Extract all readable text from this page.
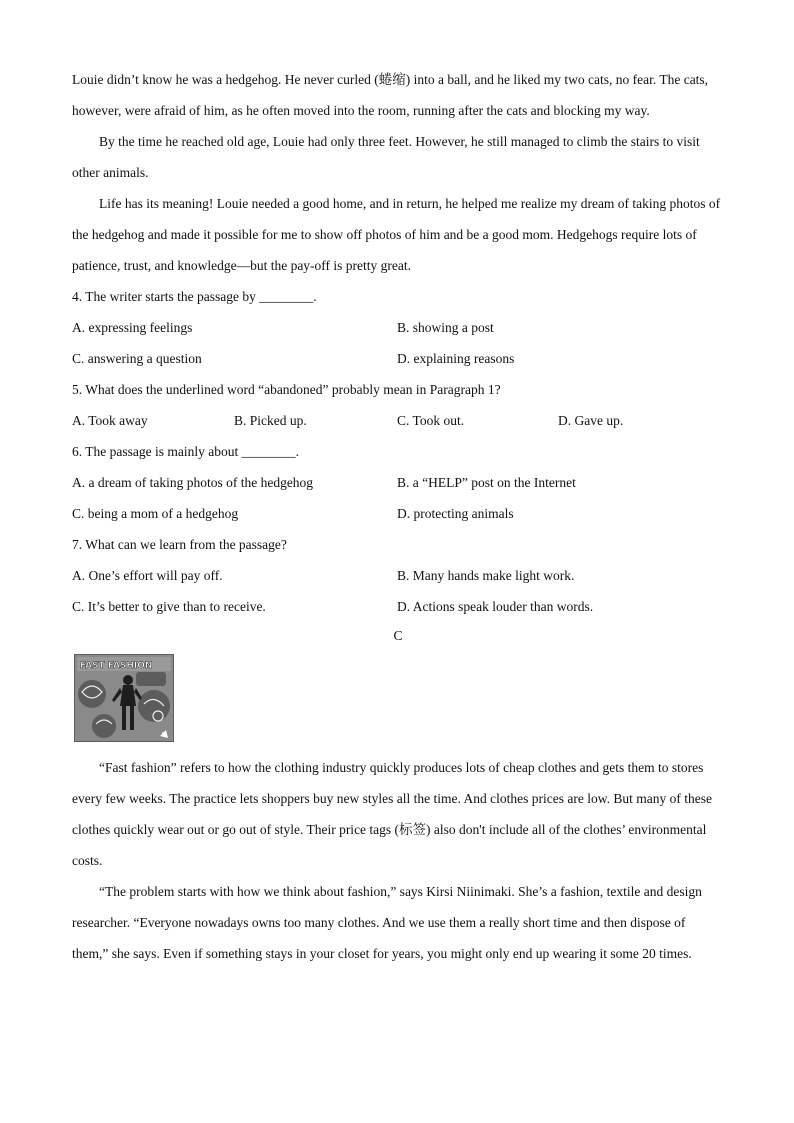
Louie didn’t know he was a hedgehog. He never curled (蜷缩) into a ball, and he liked my two cats, no fear. The cats, however, were afraid of him, as he often moved into the room, running after the cats and blocking my way.

By the time he reached old age, Louie had only three feet. However, he still managed to climb the stairs to visit other animals.

Life has its meaning! Louie needed a good home, and in return, he helped me realize my dream of taking photos of the hedgehog and made it possible for me to show off photos of him and be a good mom. Hedgehogs require lots of patience, trust, and knowledge—but the pay-off is pretty great.

4. The writer starts the passage by ________.
A. expressing feelings	B. showing a post
C. answering a question	D. explaining reasons
5. What does the underlined word “abandoned” probably mean in Paragraph 1?
A. Took away	B. Picked up.	C. Took out.	D. Gave up.
6. The passage is mainly about ________.
A. a dream of taking photos of the hedgehog	B. a “HELP” post on the Internet
C. being a mom of a hedgehog	D. protecting animals
7. What can we learn from the passage?
A. One’s effort will pay off.	B. Many hands make light work.
C. It’s better to give than to receive.	D. Actions speak louder than words.
C
FAST FASHION

“Fast fashion” refers to how the clothing industry quickly produces lots of cheap clothes and gets them to stores every few weeks. The practice lets shoppers buy new styles all the time. And clothes prices are low. But many of these clothes quickly wear out or go out of style. Their price tags (标签) also don't include all of the clothes’ environmental costs.

“The problem starts with how we think about fashion,” says Kirsi Niinimaki. She’s a fashion, textile and design researcher. “Everyone nowadays owns too many clothes. And we use them a really short time and then dispose of them,” she says. Even if something stays in your closet for years, you might only end up wearing it some 20 times.
